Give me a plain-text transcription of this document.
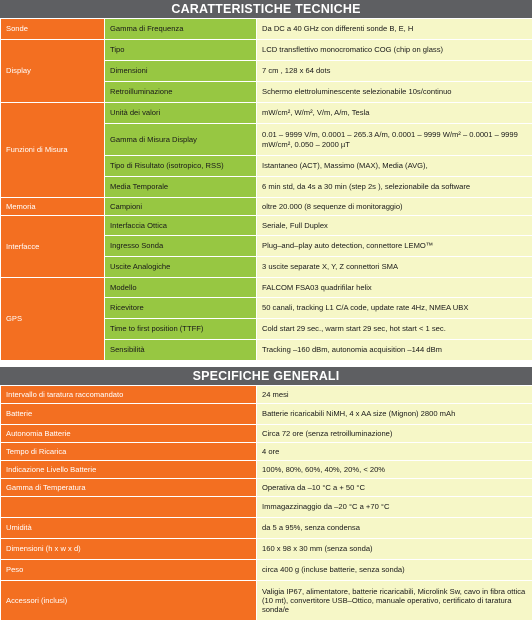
CARATTERISTICHE TECNICHE
Sonde	Gamma di Frequenza	Da DC a 40 GHz con differenti sonde B, E, H
Display	Tipo	LCD transflettivo monocromatico COG (chip on glass)
	Dimensioni	7 cm , 128 x 64 dots
	Retroilluminazione	Schermo elettroluminescente selezionabile 10s/continuo
Funzioni di Misura	Unità dei valori	mW/cm², W/m², V/m, A/m, Tesla
	Gamma di Misura Display	0.01 – 9999 V/m, 0.0001 – 265.3 A/m, 0.0001 – 9999 W/m² – 0.0001 – 9999 mW/cm², 0.050 – 2000 µT
	Tipo di Risultato (isotropico, RSS)	Istantaneo (ACT), Massimo (MAX), Media (AVG),
	Media Temporale	6 min std, da 4s a 30 min (step 2s ), selezionabile da software
Memoria	Campioni	oltre 20.000 (8 sequenze di monitoraggio)
Interfacce	Interfaccia Ottica	Seriale, Full Duplex
	Ingresso Sonda	Plug–and–play auto detection, connettore LEMO™
	Uscite Analogiche	3 uscite separate X, Y, Z connettori SMA
GPS	Modello	FALCOM FSA03 quadrifilar helix
	Ricevitore	50 canali, tracking L1 C/A code, update rate 4Hz, NMEA UBX
	Time to first position (TTFF)	Cold start 29 sec., warm start 29 sec, hot start < 1 sec.
	Sensibilità	Tracking –160 dBm, autonomia acquisition –144 dBm
SPECIFICHE GENERALI
Intervallo di taratura raccomandato	24 mesi
Batterie	Batterie ricaricabili NiMH, 4 x AA size (Mignon) 2800 mAh
Autonomia Batterie	Circa 72 ore (senza retroilluminazione)
Tempo di Ricarica	4 ore
Indicazione Livello Batterie	100%, 80%, 60%, 40%, 20%, < 20%
Gamma di Temperatura	Operativa da –10 °C a + 50 °C
	Immagazzinaggio da –20 °C a +70 °C
Umidità	da 5 a 95%, senza condensa
Dimensioni (h x w x d)	160 x 98 x 30 mm (senza sonda)
Peso	circa 400 g (incluse batterie, senza sonda)
Accessori (inclusi)	Valigia IP67, alimentatore, batterie ricaricabili, Microlink Sw, cavo in fibra ottica (10 mt), convertitore USB–Ottico, manuale operativo, certificato di taratura sonda/e
